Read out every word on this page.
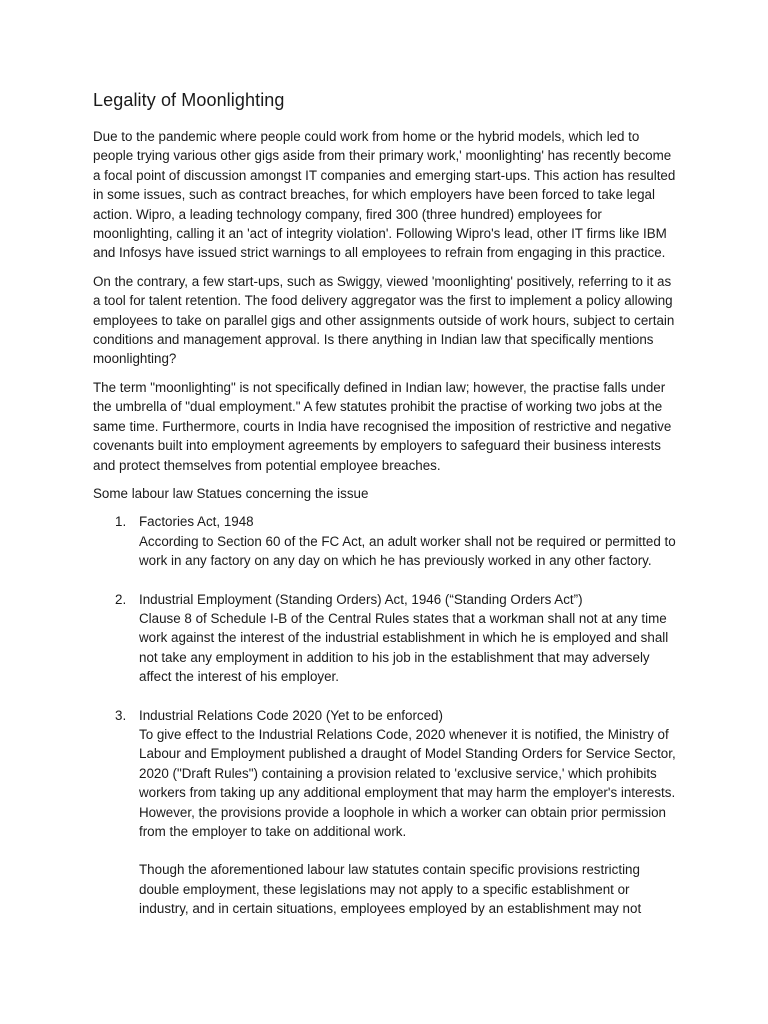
Legality of Moonlighting

Due to the pandemic where people could work from home or the hybrid models, which led to people trying various other gigs aside from their primary work,' moonlighting' has recently become a focal point of discussion amongst IT companies and emerging start-ups. This action has resulted in some issues, such as contract breaches, for which employers have been forced to take legal action. Wipro, a leading technology company, fired 300 (three hundred) employees for moonlighting, calling it an 'act of integrity violation'. Following Wipro's lead, other IT firms like IBM and Infosys have issued strict warnings to all employees to refrain from engaging in this practice.

On the contrary, a few start-ups, such as Swiggy, viewed 'moonlighting' positively, referring to it as a tool for talent retention. The food delivery aggregator was the first to implement a policy allowing employees to take on parallel gigs and other assignments outside of work hours, subject to certain conditions and management approval. Is there anything in Indian law that specifically mentions moonlighting?

The term "moonlighting" is not specifically defined in Indian law; however, the practise falls under the umbrella of "dual employment." A few statutes prohibit the practise of working two jobs at the same time. Furthermore, courts in India have recognised the imposition of restrictive and negative covenants built into employment agreements by employers to safeguard their business interests and protect themselves from potential employee breaches.

Some labour law Statues concerning the issue

1. Factories Act, 1948

According to Section 60 of the FC Act, an adult worker shall not be required or permitted to work in any factory on any day on which he has previously worked in any other factory.

2. Industrial Employment (Standing Orders) Act, 1946 (“Standing Orders Act”)

Clause 8 of Schedule I-B of the Central Rules states that a workman shall not at any time work against the interest of the industrial establishment in which he is employed and shall not take any employment in addition to his job in the establishment that may adversely affect the interest of his employer.

3. Industrial Relations Code 2020 (Yet to be enforced)

To give effect to the Industrial Relations Code, 2020 whenever it is notified, the Ministry of Labour and Employment published a draught of Model Standing Orders for Service Sector, 2020 ("Draft Rules") containing a provision related to 'exclusive service,' which prohibits workers from taking up any additional employment that may harm the employer's interests. However, the provisions provide a loophole in which a worker can obtain prior permission from the employer to take on additional work.

Though the aforementioned labour law statutes contain specific provisions restricting double employment, these legislations may not apply to a specific establishment or industry, and in certain situations, employees employed by an establishment may not
